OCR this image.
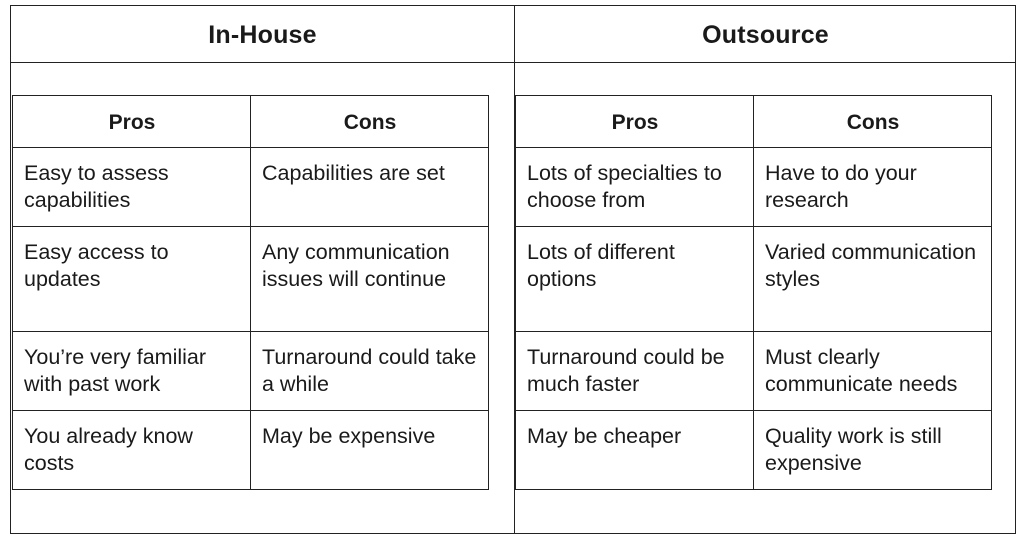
In-House	Outsource
Pros	Cons
Easy to assess capabilities	Capabilities are set
Easy access to updates	Any communication issues will continue
You’re very familiar with past work	Turnaround could take a while
You already know costs	May be expensive
Pros	Cons
Lots of specialties to choose from	Have to do your research
Lots of different options	Varied communication styles
Turnaround could be much faster	Must clearly communicate needs
May be cheaper	Quality work is still expensive
